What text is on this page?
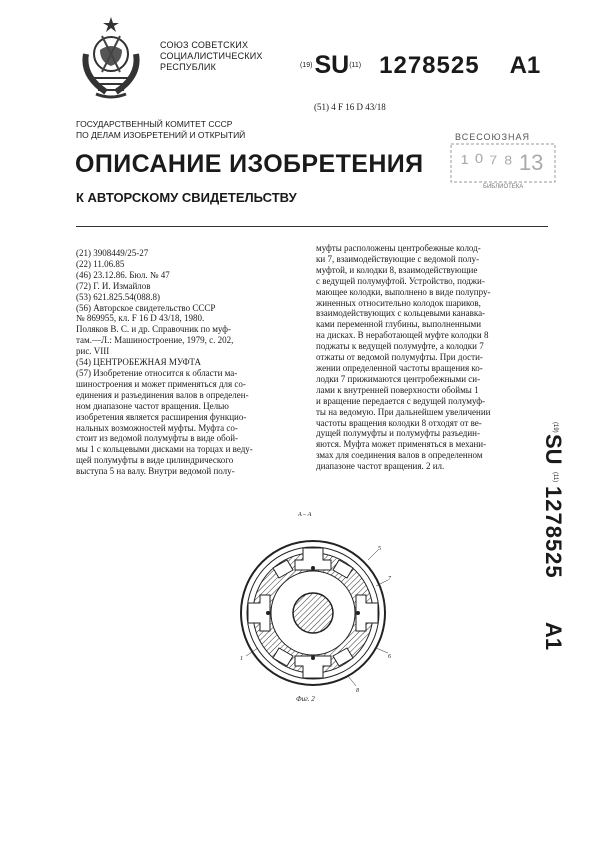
СОЮЗ СОВЕТСКИХ
СОЦИАЛИСТИЧЕСКИХ
РЕСПУБЛИК	$^{(19)}$SU$^{(11)}$ 1278525 A1
(51) 4 F 16 D 43/18
ГОСУДАРСТВЕННЫЙ КОМИТЕТ СССР
ПО ДЕЛАМ ИЗОБРЕТЕНИЙ И ОТКРЫТИЙ
¹ ⁰ ⁷ ⁸ 13
ВСЕСОЮЗНАЯ
БИБЛИОТЕКА
ОПИСАНИЕ ИЗОБРЕТЕНИЯ
К АВТОРСКОМУ СВИДЕТЕЛЬСТВУ
(21) 3908449/25-27
(22) 11.06.85
(46) 23.12.86. Бюл. № 47
(72) Г. И. Измайлов
(53) 621.825.54(088.8)
(56) Авторское свидетельство СССР
№ 869955, кл. F 16 D 43/18, 1980.
Поляков В. С. и др. Справочник по муф-
там.—Л.: Машиностроение, 1979, с. 202,
рис. VIII
(54) ЦЕНТРОБЕЖНАЯ МУФТА
(57) Изобретение относится к области ма-
шиностроения и может применяться для со-
единения и разъединения валов в определен-
ном диапазоне частот вращения. Целью
изобретения является расширения функцио-
нальных возможностей муфты. Муфта со-
стоит из ведомой полумуфты в виде обой-
мы 1 с кольцевыми дисками на торцах и веду-
щей полумуфты в виде цилиндрического
выступа 5 на валу. Внутри ведомой полу-
муфты расположены центробежные колод-
ки 7, взаимодействующие с ведомой полу-
муфтой, и колодки 8, взаимодействующие
с ведущей полумуфтой. Устройство, поджи-
мающее колодки, выполнено в виде полупру-
жиненных относительно колодок шариков,
взаимодействующих с кольцевыми канавка-
ками переменной глубины, выполненными
на дисках. В неработающей муфте колодки 8
поджаты к ведущей полумуфте, а колодки 7
отжаты от ведомой полумуфты. При дости-
жении определенной частоты вращения ко-
лодки 7 прижимаются центробежными си-
лами к внутренней поверхности обоймы 1
и вращение передается с ведущей полумуф-
ты на ведомую. При дальнейшем увеличении
частоты вращения колодки 8 отходят от ве-
дущей полумуфты и полумуфты разъедин-
яются. Муфта может применяться в механи-
змах для соединения валов в определенном
диапазоне частот вращения. 2 ил.
(19)
SU
(11)
1278525
A1
А – А
5
7
6
1
8
Фиг. 2
